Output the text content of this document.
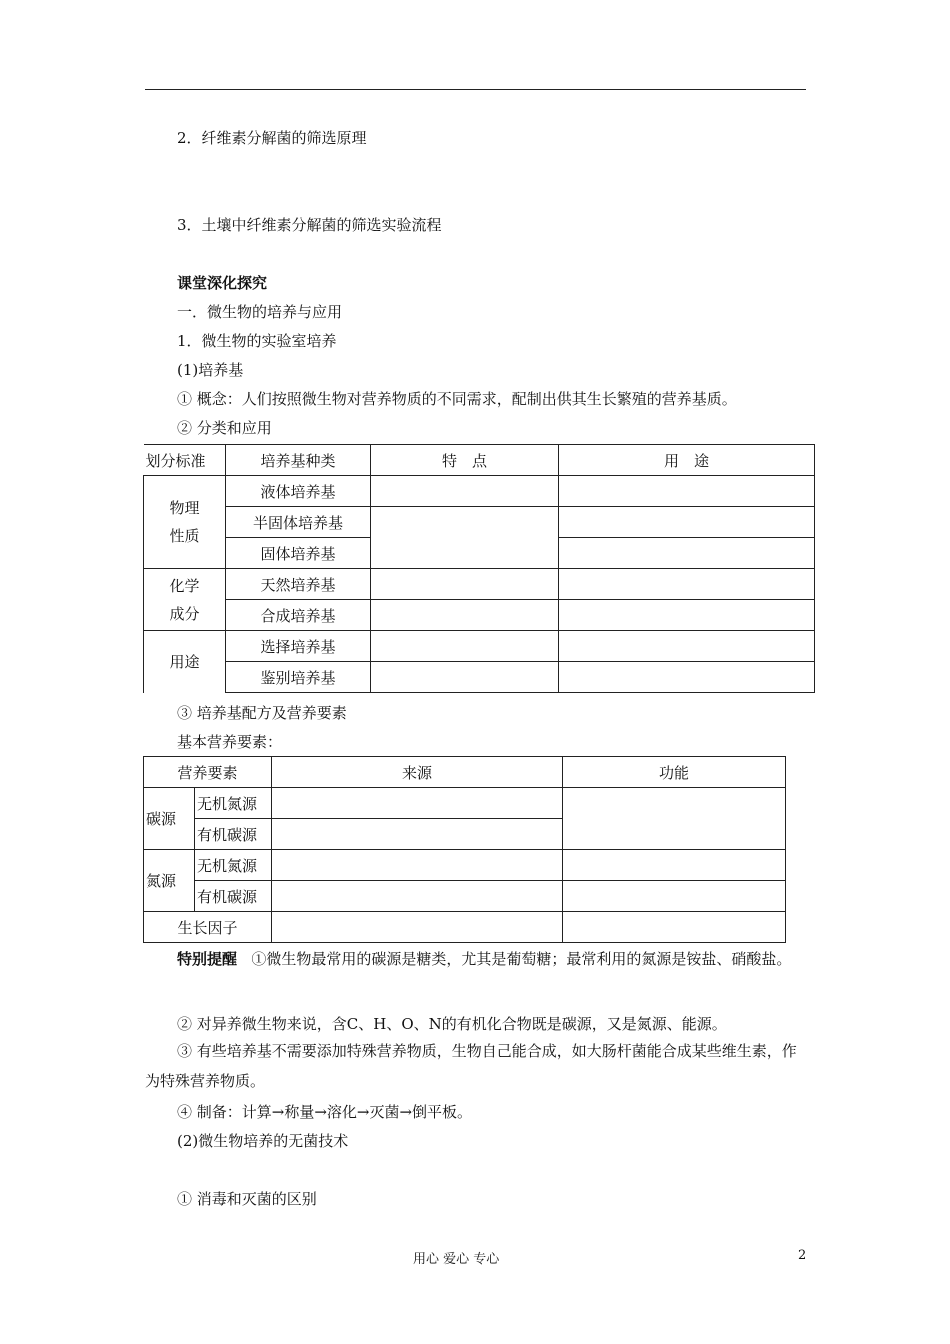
2．纤维素分解菌的筛选原理
3．土壤中纤维素分解菌的筛选实验流程
课堂深化探究
一．微生物的培养与应用
1．微生物的实验室培养
(1)培养基
① 概念：人们按照微生物对营养物质的不同需求，配制出供其生长繁殖的营养基质。
② 分类和应用
划分标准	培养基种类	特　点	用　途
物理
性质	液体培养基		
	半固体培养基		
	固体培养基		
化学
成分	天然培养基		
	合成培养基		
用途	选择培养基		
	鉴别培养基		
③ 培养基配方及营养要素
基本营养要素：
营养要素		来源	功能
碳源	无机氮源		
	有机碳源		
氮源	无机氮源		
	有机碳源		
生长因子			
特别提醒 ①微生物最常用的碳源是糖类，尤其是葡萄糖；最常利用的氮源是铵盐、硝酸盐。
② 对异养微生物来说，含C、H、O、N的有机化合物既是碳源，又是氮源、能源。
③ 有些培养基不需要添加特殊营养物质，生物自己能合成，如大肠杆菌能合成某些维生素，作为特殊营养物质。
④ 制备：计算→称量→溶化→灭菌→倒平板。
(2)微生物培养的无菌技术
① 消毒和灭菌的区别
用心 爱心 专心	2
